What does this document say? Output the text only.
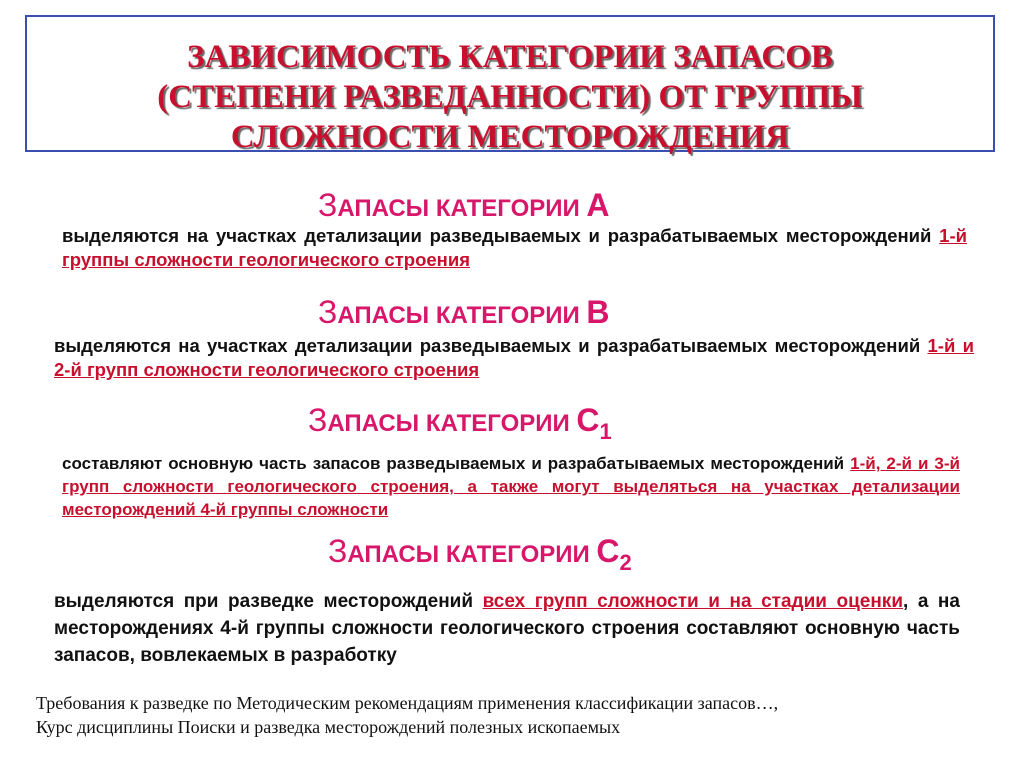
ЗАВИСИМОСТЬ КАТЕГОРИИ ЗАПАСОВ
(СТЕПЕНИ РАЗВЕДАННОСТИ) ОТ ГРУППЫ
СЛОЖНОСТИ МЕСТОРОЖДЕНИЯ
ЗАПАСЫ КАТЕГОРИИ А
выделяются на участках детализации разведываемых и разрабатываемых месторождений 1-й группы сложности геологического строения
ЗАПАСЫ КАТЕГОРИИ В
выделяются на участках детализации разведываемых и разрабатываемых месторождений 1-й и 2-й групп сложности геологического строения
ЗАПАСЫ КАТЕГОРИИ $С_1$
составляют основную часть запасов разведываемых и разрабатываемых месторождений 1-й, 2-й и 3-й групп сложности геологического строения, а также могут выделяться на участках детализации месторождений 4-й группы сложности
ЗАПАСЫ КАТЕГОРИИ $С_2$
выделяются при разведке месторождений всех групп сложности и на стадии оценки, а на месторождениях 4-й группы сложности геологического строения составляют основную часть запасов, вовлекаемых в разработку
Требования к разведке по Методическим рекомендациям применения классификации запасов…,
Курс дисциплины Поиски и разведка месторождений полезных ископаемых
